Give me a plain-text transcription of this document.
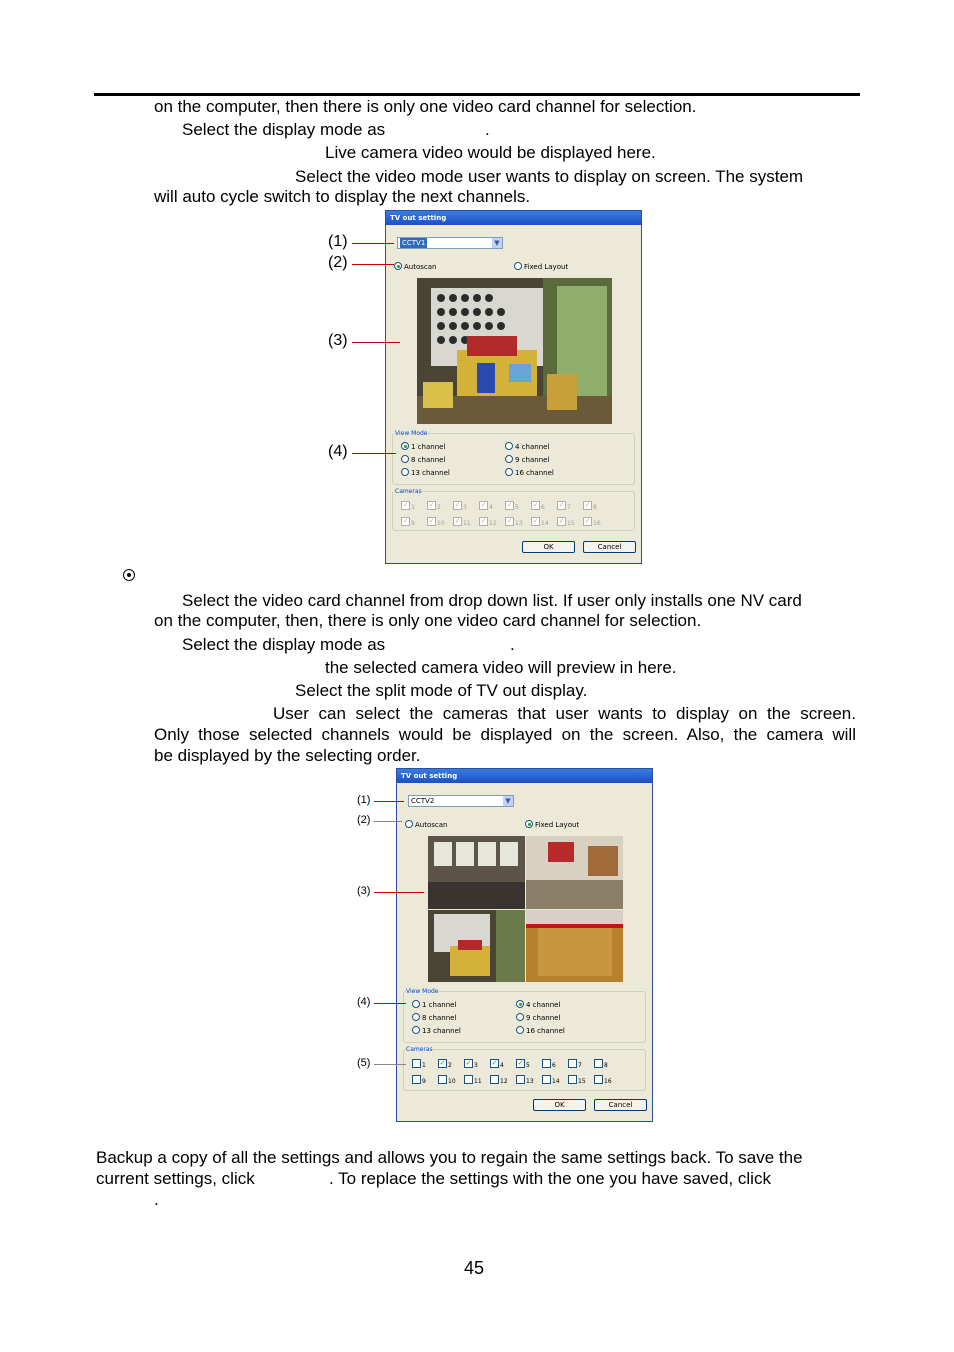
on the computer, then there is only one video card channel for selection.
Select the display mode as	.
Live camera video would be displayed here.
Select the video mode user wants to display on screen. The system
will auto cycle switch to display the next channels.
TV out setting
CCTV1	▼
Autoscan	Fixed Layout
View Mode
1 channel	4 channel
8 channel	9 channel
13 channel	16 channel
Cameras
✓ 1 ✓ 2 ✓ 3 ✓ 4 ✓ 5 ✓ 6 ✓ 7 ✓ 8
✓ 9 ✓ 10 ✓ 11 ✓ 12 ✓ 13 ✓ 14 ✓ 15 ✓ 16
OK	Cancel
(1)
(2)
(3)
(4)
Select the video card channel from drop down list. If user only installs one NV card
on the computer, then, there is only one video card channel for selection.
Select the display mode as	.
the selected camera video will preview in here.
Select the split mode of TV out display.
User can select the cameras that user wants to display on the screen.
Only those selected channels would be displayed on the screen. Also, the camera will
be displayed by the selecting order.
TV out setting
CCTV2	▼
Autoscan	Fixed Layout
View Mode
1 channel	4 channel
8 channel	9 channel
13 channel	16 channel
Cameras
1 ✓ 2 ✓ 3 ✓ 4 ✓ 5	6	7	8
9	10	11	12	13	14	15	16
OK	Cancel
(1)
(2)
(3)
(4)
(5)
Backup a copy of all the settings and allows you to regain the same settings back. To save the
current settings, click	. To replace the settings with the one you have saved, click
.
45
